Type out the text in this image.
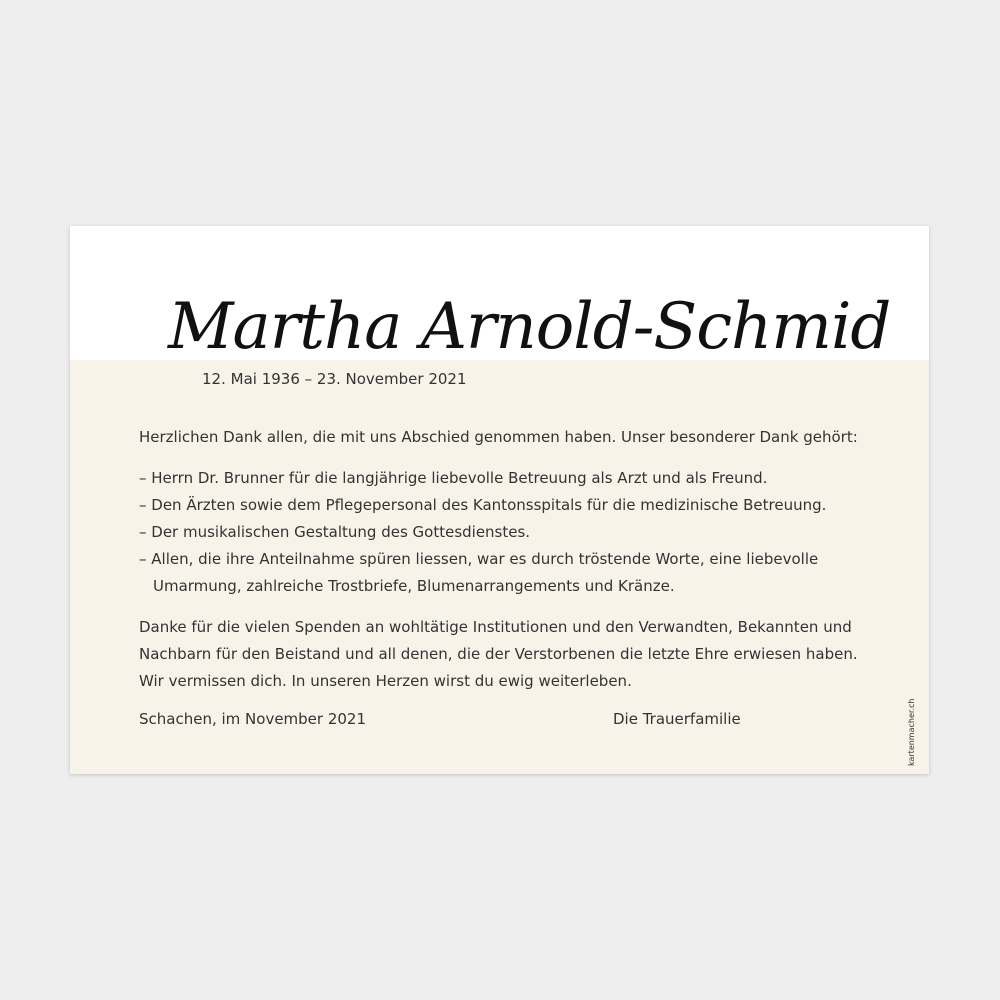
Martha Arnold-Schmid
12. Mai 1936 – 23. November 2021

Herzlichen Dank allen, die mit uns Abschied genommen haben. Unser besonderer Dank gehört:

– Herrn Dr. Brunner für die langjährige liebevolle Betreuung als Arzt und als Freund.
– Den Ärzten sowie dem Pflegepersonal des Kantonsspitals für die medizinische Betreuung.
– Der musikalischen Gestaltung des Gottesdienstes.
– Allen, die ihre Anteilnahme spüren liessen, war es durch tröstende Worte, eine liebevolle Umarmung, zahlreiche Trostbriefe, Blumenarrangements und Kränze.

Danke für die vielen Spenden an wohltätige Institutionen und den Verwandten, Bekannten und Nachbarn für den Beistand und all denen, die der Verstorbenen die letzte Ehre erwiesen haben. Wir vermissen dich. In unseren Herzen wirst du ewig weiterleben.

Schachen, im November 2021	Die Trauerfamilie	kartenmacher.ch
